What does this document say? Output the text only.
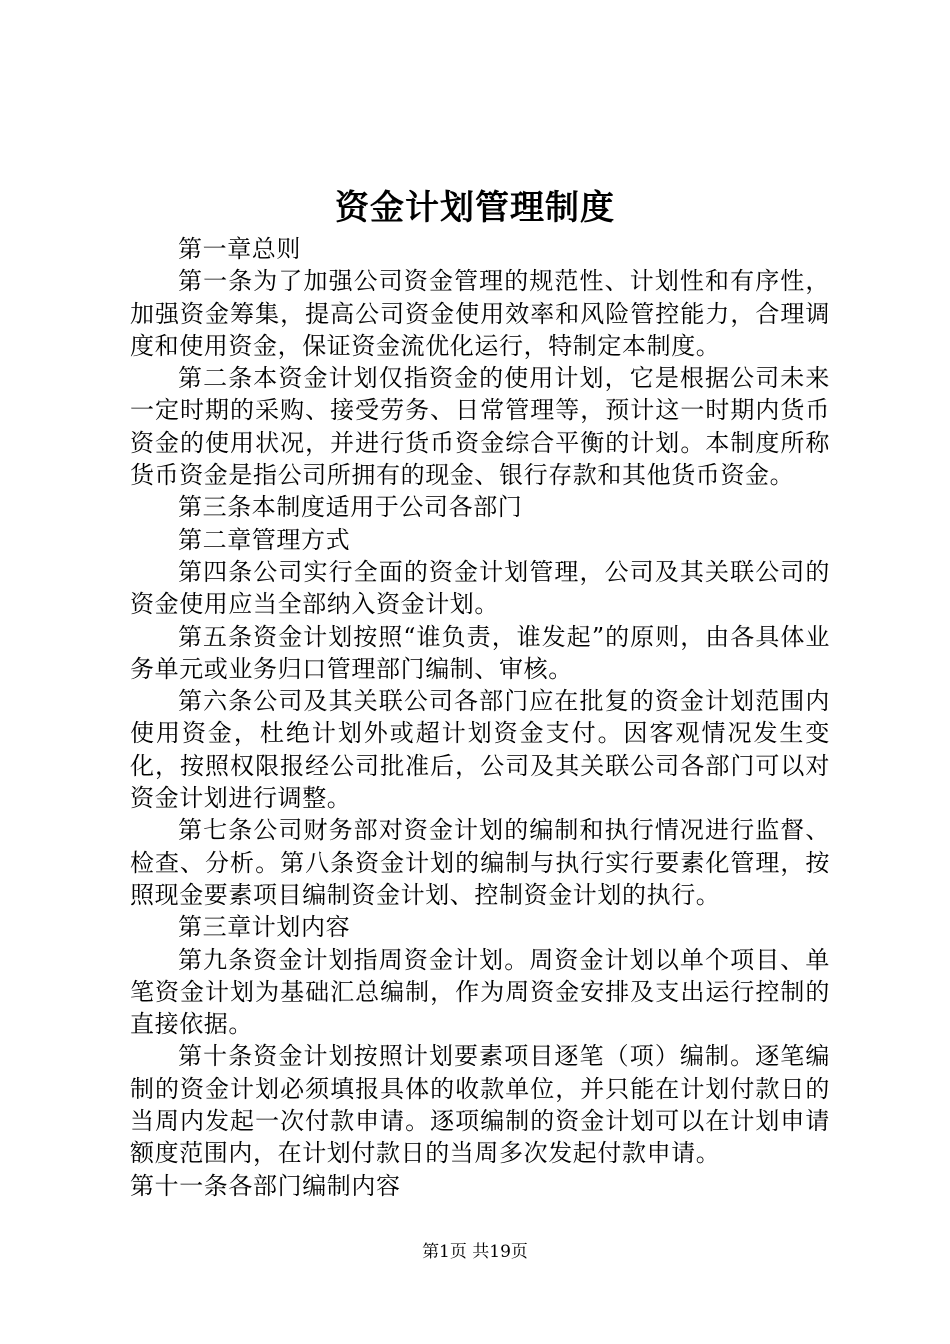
资金计划管理制度

第一章总则

第一条为了加强公司资金管理的规范性、计划性和有序性，加强资金筹集，提高公司资金使用效率和风险管控能力，合理调度和使用资金，保证资金流优化运行，特制定本制度。

第二条本资金计划仅指资金的使用计划，它是根据公司未来一定时期的采购、接受劳务、日常管理等，预计这一时期内货币资金的使用状况，并进行货币资金综合平衡的计划。本制度所称货币资金是指公司所拥有的现金、银行存款和其他货币资金。

第三条本制度适用于公司各部门

第二章管理方式

第四条公司实行全面的资金计划管理，公司及其关联公司的资金使用应当全部纳入资金计划。

第五条资金计划按照“谁负责，谁发起”的原则，由各具体业务单元或业务归口管理部门编制、审核。

第六条公司及其关联公司各部门应在批复的资金计划范围内使用资金，杜绝计划外或超计划资金支付。因客观情况发生变化，按照权限报经公司批准后，公司及其关联公司各部门可以对资金计划进行调整。

第七条公司财务部对资金计划的编制和执行情况进行监督、检查、分析。第八条资金计划的编制与执行实行要素化管理，按照现金要素项目编制资金计划、控制资金计划的执行。

第三章计划内容

第九条资金计划指周资金计划。周资金计划以单个项目、单笔资金计划为基础汇总编制，作为周资金安排及支出运行控制的直接依据。

第十条资金计划按照计划要素项目逐笔（项）编制。逐笔编制的资金计划必须填报具体的收款单位，并只能在计划付款日的当周内发起一次付款申请。逐项编制的资金计划可以在计划申请额度范围内，在计划付款日的当周多次发起付款申请。

第十一条各部门编制内容

第1页 共19页
